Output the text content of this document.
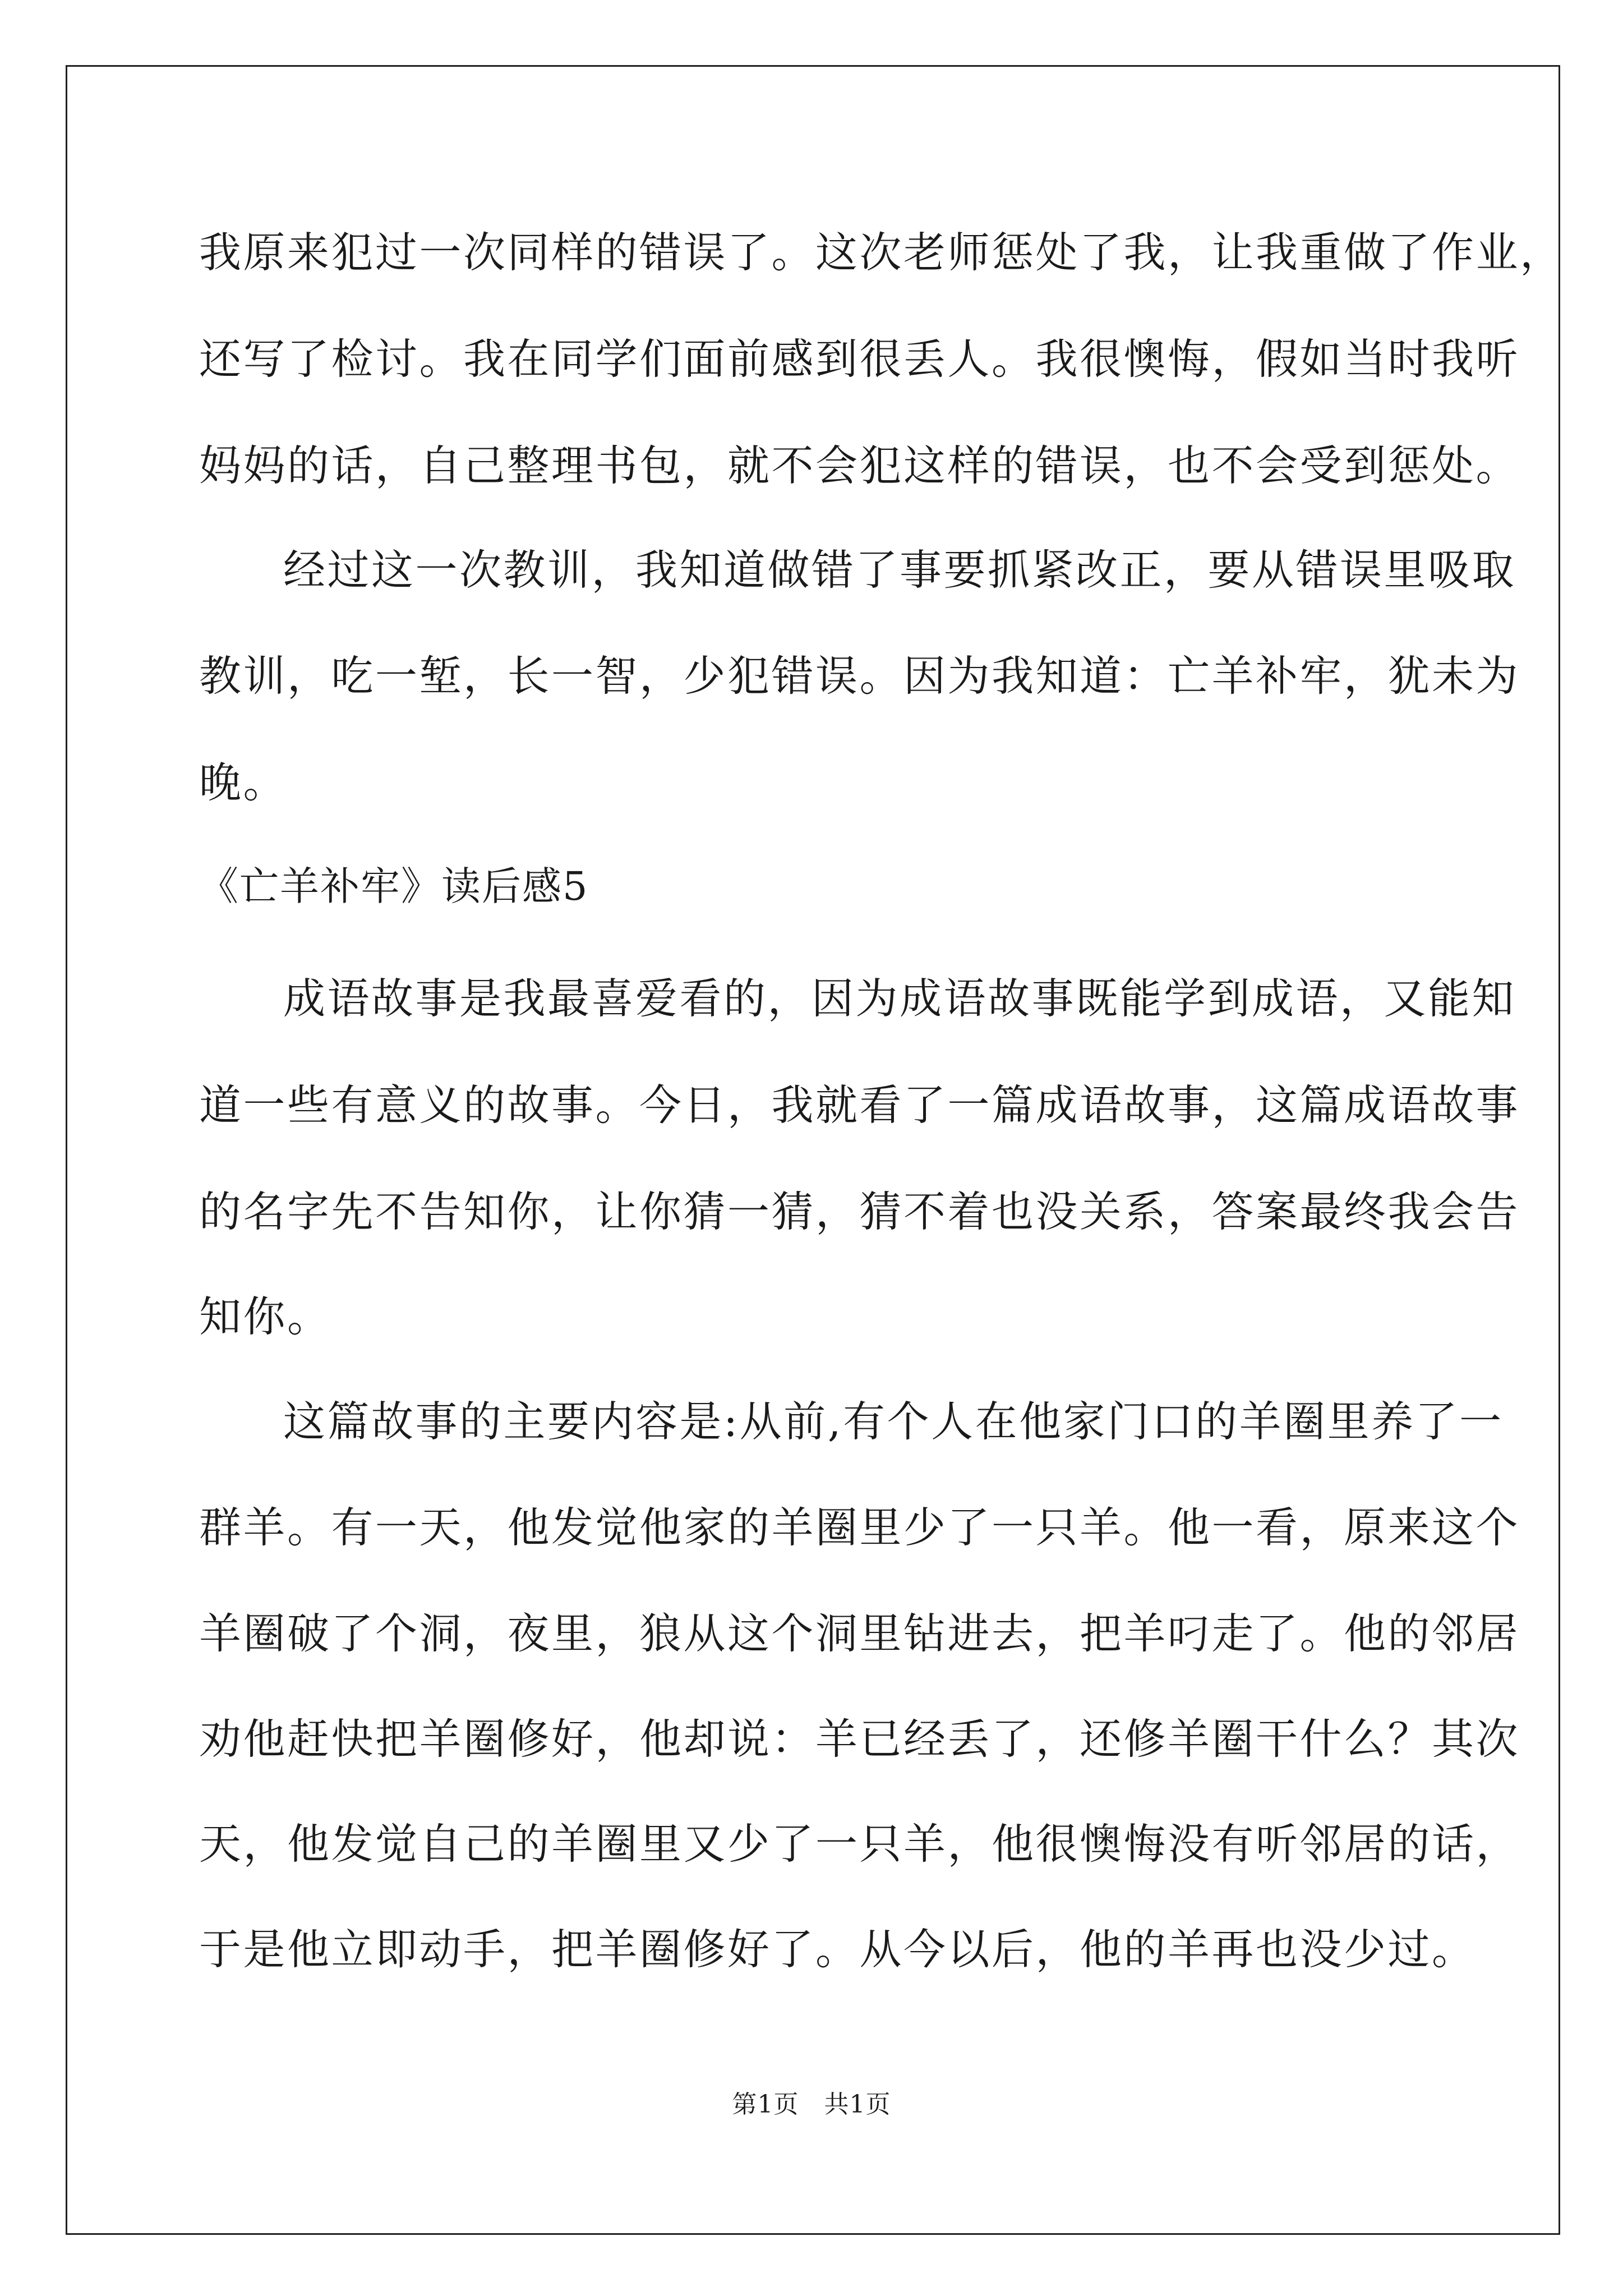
我原来犯过一次同样的错误了。这次老师惩处了我，让我重做了作业，
还写了检讨。我在同学们面前感到很丢人。我很懊悔，假如当时我听
妈妈的话，自己整理书包，就不会犯这样的错误，也不会受到惩处。
经过这一次教训，我知道做错了事要抓紧改正，要从错误里吸取
教训，吃一堑，长一智，少犯错误。因为我知道：亡羊补牢，犹未为
晚。
《亡羊补牢》读后感5
成语故事是我最喜爱看的，因为成语故事既能学到成语，又能知
道一些有意义的故事。今日，我就看了一篇成语故事，这篇成语故事
的名字先不告知你，让你猜一猜，猜不着也没关系，答案最终我会告
知你。
这篇故事的主要内容是:从前,有个人在他家门口的羊圈里养了一
群羊。有一天，他发觉他家的羊圈里少了一只羊。他一看，原来这个
羊圈破了个洞，夜里，狼从这个洞里钻进去，把羊叼走了。他的邻居
劝他赶快把羊圈修好，他却说：羊已经丢了，还修羊圈干什么？其次
天，他发觉自己的羊圈里又少了一只羊，他很懊悔没有听邻居的话，
于是他立即动手，把羊圈修好了。从今以后，他的羊再也没少过。
第1页　共1页
